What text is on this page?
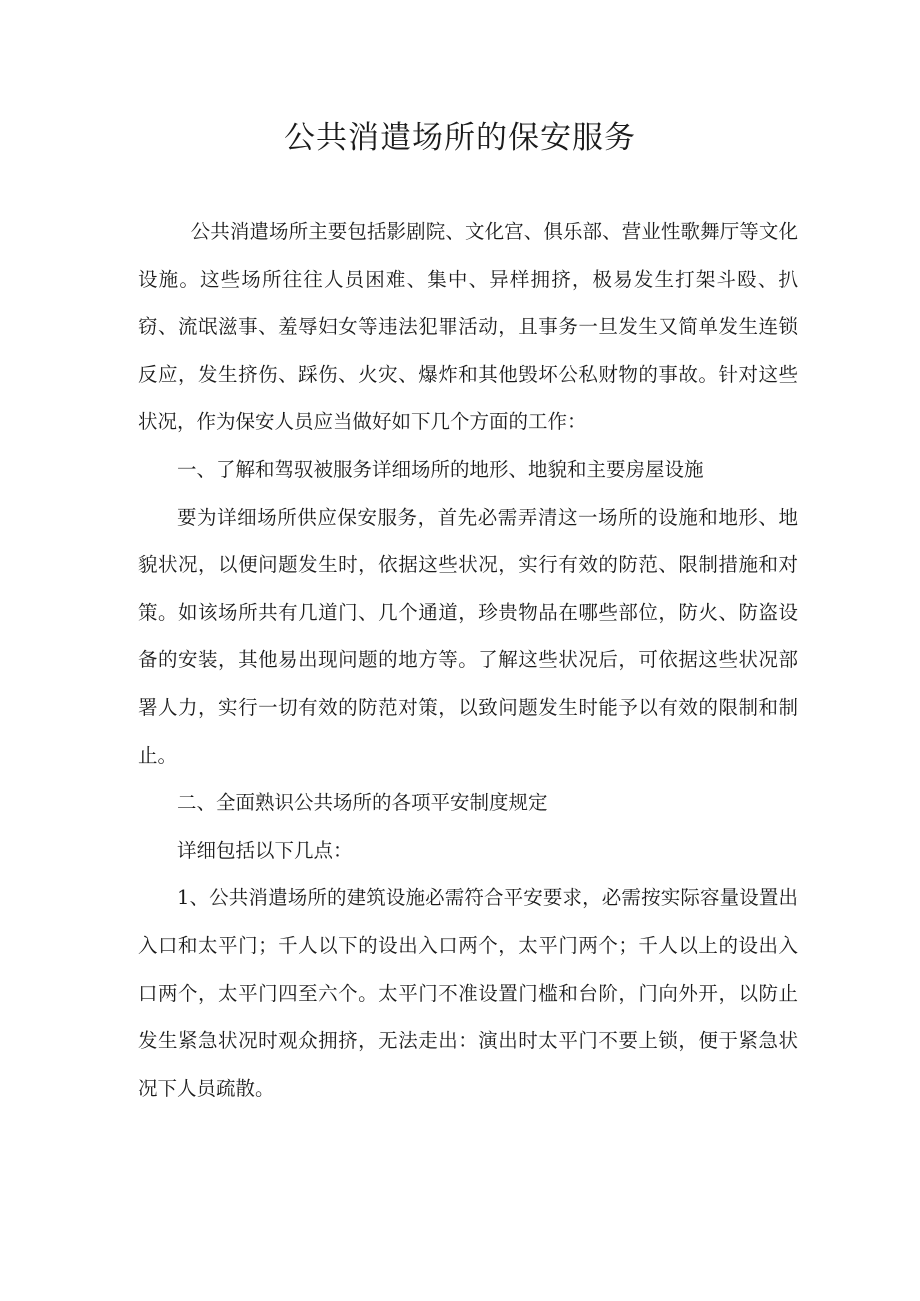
公共消遣场所的保安服务

公共消遣场所主要包括影剧院、文化宫、俱乐部、营业性歌舞厅等文化设施。这些场所往往人员困难、集中、异样拥挤，极易发生打架斗殴、扒窃、流氓滋事、羞辱妇女等违法犯罪活动，且事务一旦发生又简单发生连锁反应，发生挤伤、踩伤、火灾、爆炸和其他毁坏公私财物的事故。针对这些状况，作为保安人员应当做好如下几个方面的工作：

一、了解和驾驭被服务详细场所的地形、地貌和主要房屋设施

要为详细场所供应保安服务，首先必需弄清这一场所的设施和地形、地貌状况，以便问题发生时，依据这些状况，实行有效的防范、限制措施和对策。如该场所共有几道门、几个通道，珍贵物品在哪些部位，防火、防盗设备的安装，其他易出现问题的地方等。了解这些状况后，可依据这些状况部署人力，实行一切有效的防范对策，以致问题发生时能予以有效的限制和制止。

二、全面熟识公共场所的各项平安制度规定

详细包括以下几点：

1、公共消遣场所的建筑设施必需符合平安要求，必需按实际容量设置出入口和太平门；千人以下的设出入口两个，太平门两个；千人以上的设出入口两个，太平门四至六个。太平门不准设置门槛和台阶，门向外开，以防止发生紧急状况时观众拥挤，无法走出：演出时太平门不要上锁，便于紧急状况下人员疏散。
